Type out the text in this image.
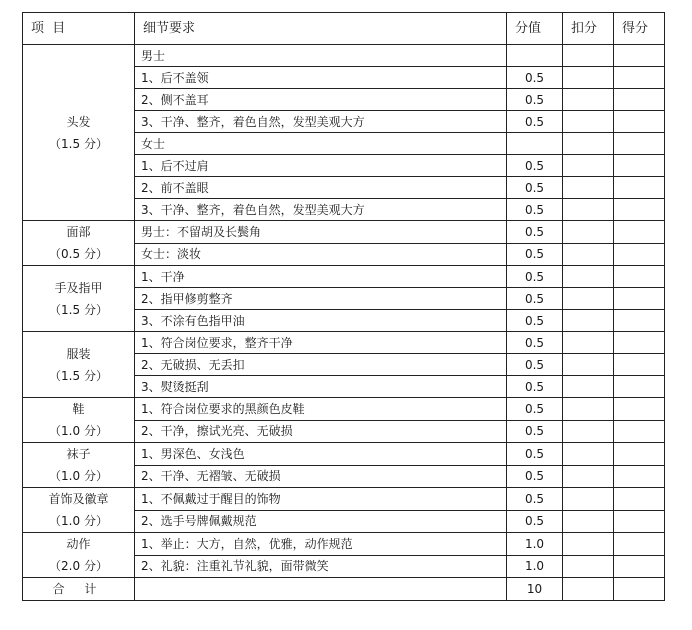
项  目	细节要求	分值	扣分	得分

头发
（1.5 分）	男士			
	1、后不盖领	0.5		
	2、侧不盖耳	0.5		
	3、干净、整齐，着色自然，发型美观大方	0.5		
	女士			
	1、后不过肩	0.5		
	2、前不盖眼	0.5		
	3、干净、整齐，着色自然，发型美观大方	0.5		

面部
（0.5 分）	男士：不留胡及长鬓角	0.5		
	女士：淡妆	0.5		

手及指甲
（1.5 分）	1、干净	0.5		
	2、指甲修剪整齐	0.5		
	3、不涂有色指甲油	0.5		

服装
（1.5 分）	1、符合岗位要求，整齐干净	0.5		
	2、无破损、无丢扣	0.5		
	3、熨烫挺刮	0.5		

鞋
（1.0 分）	1、符合岗位要求的黑颜色皮鞋	0.5		
	2、干净，擦试光亮、无破损	0.5		

袜子
（1.0 分）	1、男深色、女浅色	0.5		
	2、干净、无褶皱、无破损	0.5		

首饰及徽章
（1.0 分）	1、不佩戴过于醒目的饰物	0.5		
	2、选手号牌佩戴规范	0.5		

动作
（2.0 分）	1、举止：大方，自然，优雅，动作规范	1.0		
	2、礼貌：注重礼节礼貌，面带微笑	1.0		

合 计		10		
